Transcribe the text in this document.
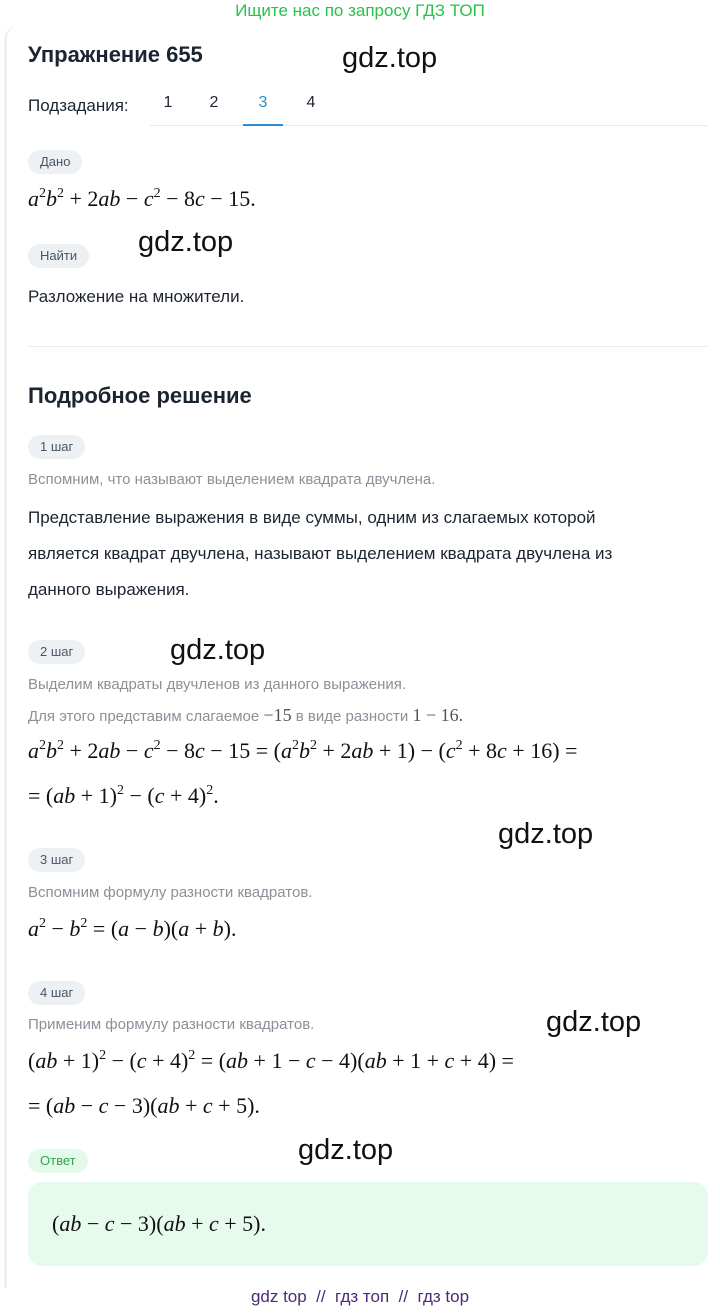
Ищите нас по запросу ГДЗ ТОП
Упражнение 655	gdz.top
gdz.top
gdz.top
gdz.top
gdz.top
gdz.top
Подзадания:	1	2	3	4
Дано
$a^2b^2 + 2ab - c^2 - 8c - 15$.
Найти
Разложение на множители.
Подробное решение
1 шаг
Вспомним, что называют выделением квадрата двучлена.
Представление выражения в виде суммы, одним из слагаемых которой
является квадрат двучлена, называют выделением квадрата двучлена из
данного выражения.
2 шаг
Выделим квадраты двучленов из данного выражения.
Для этого представим слагаемое −15 в виде разности 1 − 16.
$a^2b^2 + 2ab - c^2 - 8c - 15 = (a^2b^2 + 2ab + 1) - (c^2 + 8c + 16)$ =
= $(ab + 1)^2 - (c + 4)^2$.
3 шаг
Вспомним формулу разности квадратов.
$a^2 - b^2 = (a - b)(a + b)$.
4 шаг
Применим формулу разности квадратов.
$(ab + 1)^2 - (c + 4)^2 = (ab + 1 - c - 4)(ab + 1 + c + 4)$ =
= (ab − c − 3)(ab + c + 5).
Ответ
(ab − c − 3)(ab + c + 5).
gdz top  //  гдз топ  //  гдз top
